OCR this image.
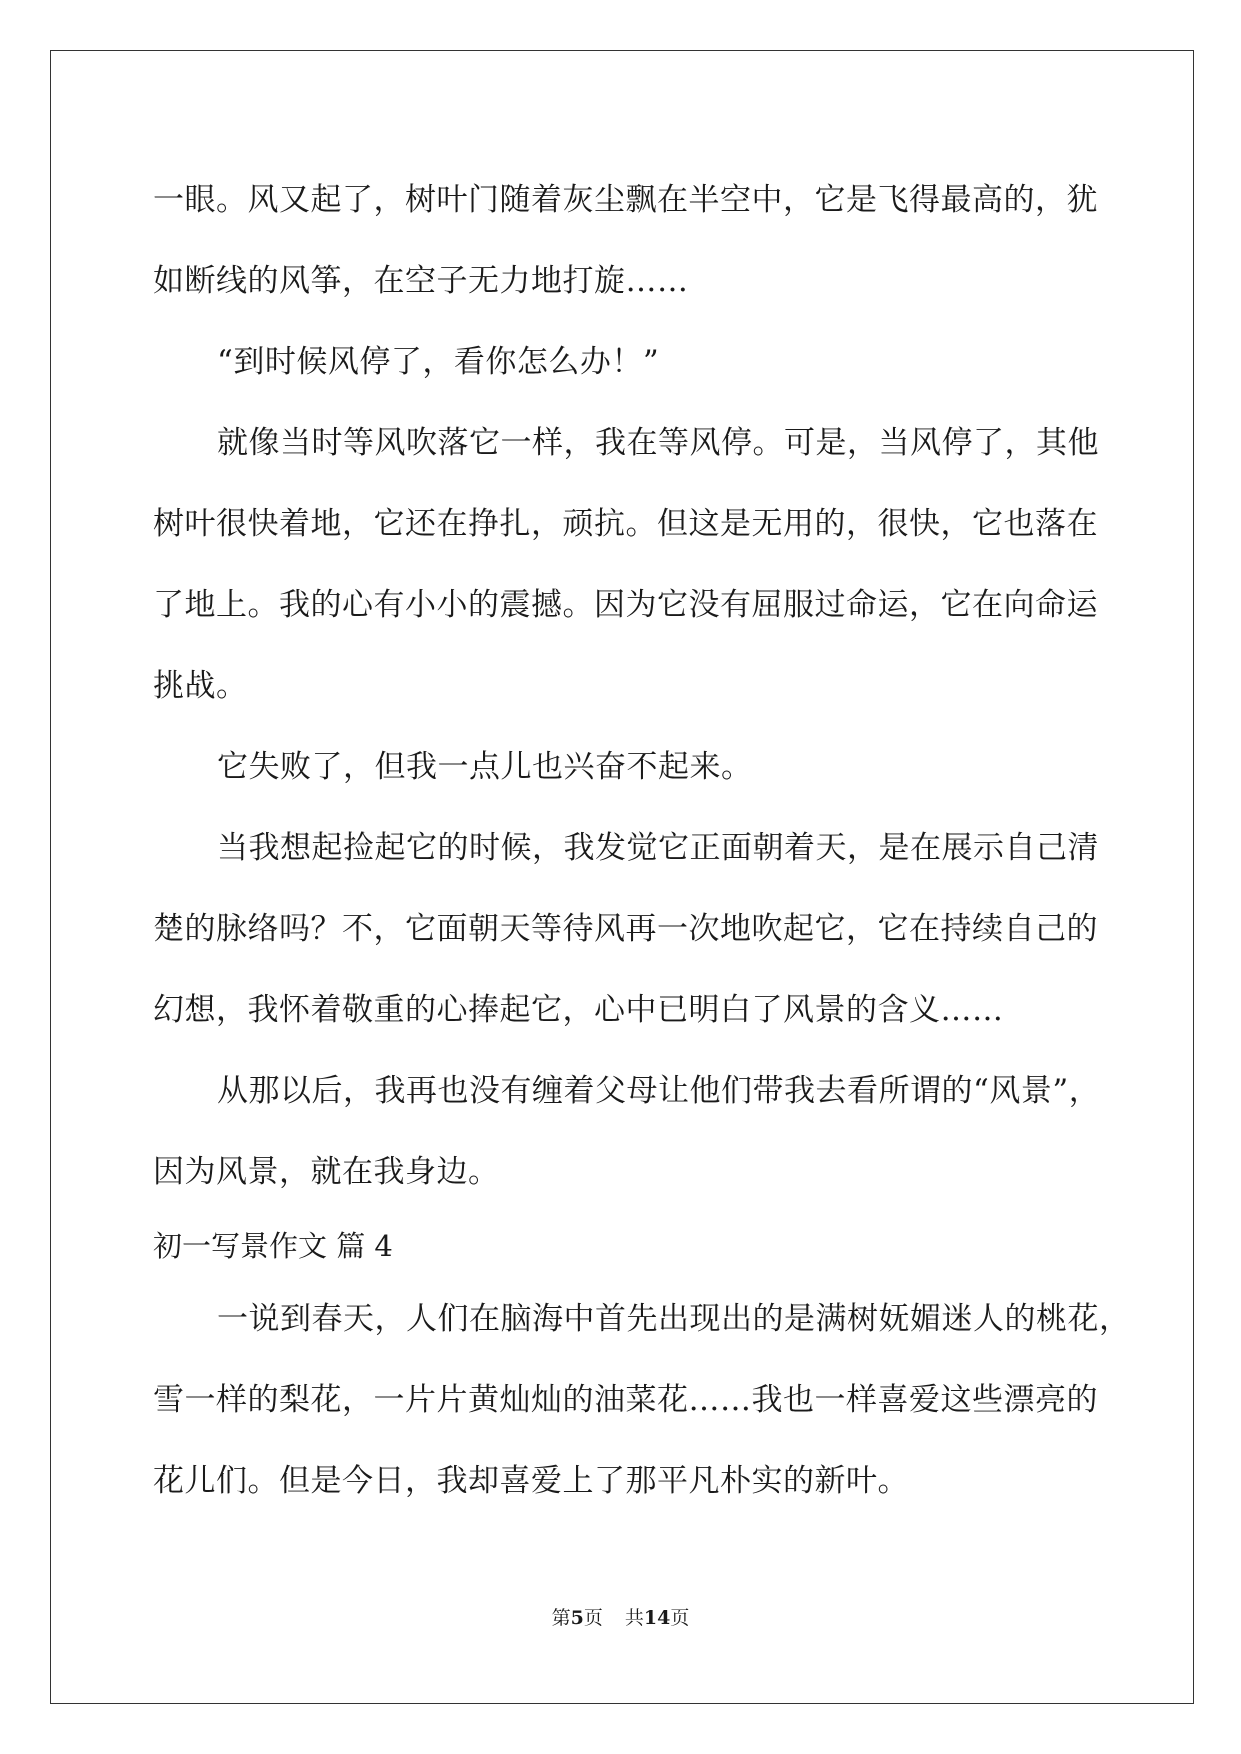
一眼。风又起了，树叶门随着灰尘飘在半空中，它是飞得最高的，犹
如断线的风筝，在空子无力地打旋……
“到时候风停了，看你怎么办！”
就像当时等风吹落它一样，我在等风停。可是，当风停了，其他
树叶很快着地，它还在挣扎，顽抗。但这是无用的，很快，它也落在
了地上。我的心有小小的震撼。因为它没有屈服过命运，它在向命运
挑战。
它失败了，但我一点儿也兴奋不起来。
当我想起捡起它的时候，我发觉它正面朝着天，是在展示自己清
楚的脉络吗？不，它面朝天等待风再一次地吹起它，它在持续自己的
幻想，我怀着敬重的心捧起它，心中已明白了风景的含义……
从那以后，我再也没有缠着父母让他们带我去看所谓的“风景”，
因为风景，就在我身边。
初一写景作文 篇 4
一说到春天，人们在脑海中首先出现出的是满树妩媚迷人的桃花，
雪一样的梨花，一片片黄灿灿的油菜花……我也一样喜爱这些漂亮的
花儿们。但是今日，我却喜爱上了那平凡朴实的新叶。
第5页 共14页
